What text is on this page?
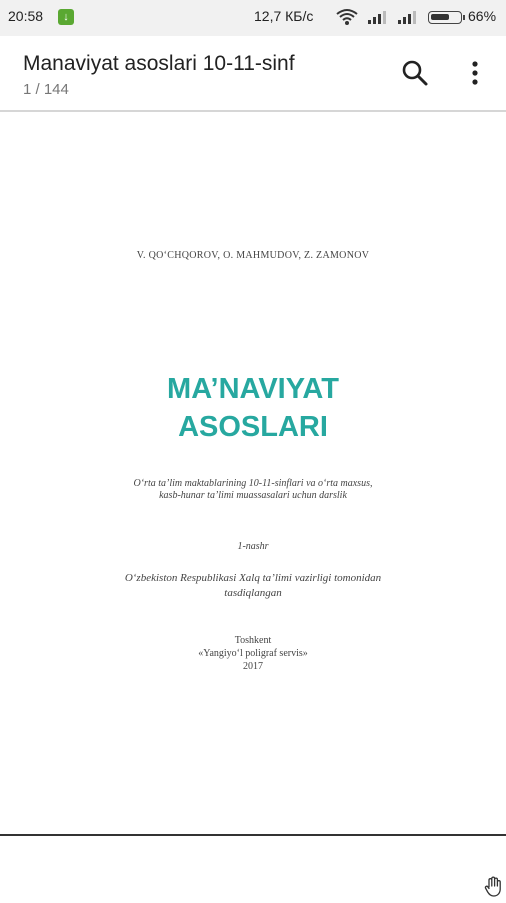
20:58	↓	12,7 КБ/с	66%
Manaviyat asoslari 10-11-sinf
1 / 144
V. QO‘CHQOROV, O. MAHMUDOV, Z. ZAMONOV
MA’NAVIYAT
ASOSLARI
O‘rta ta’lim maktablarining 10-11-sinflari va o‘rta maxsus, kasb-hunar ta’limi muassasalari uchun darslik
1-nashr
O‘zbekiston Respublikasi Xalq ta’limi vazirligi tomonidan tasdiqlangan
Toshkent
«Yangiyo‘l poligraf servis»
2017
